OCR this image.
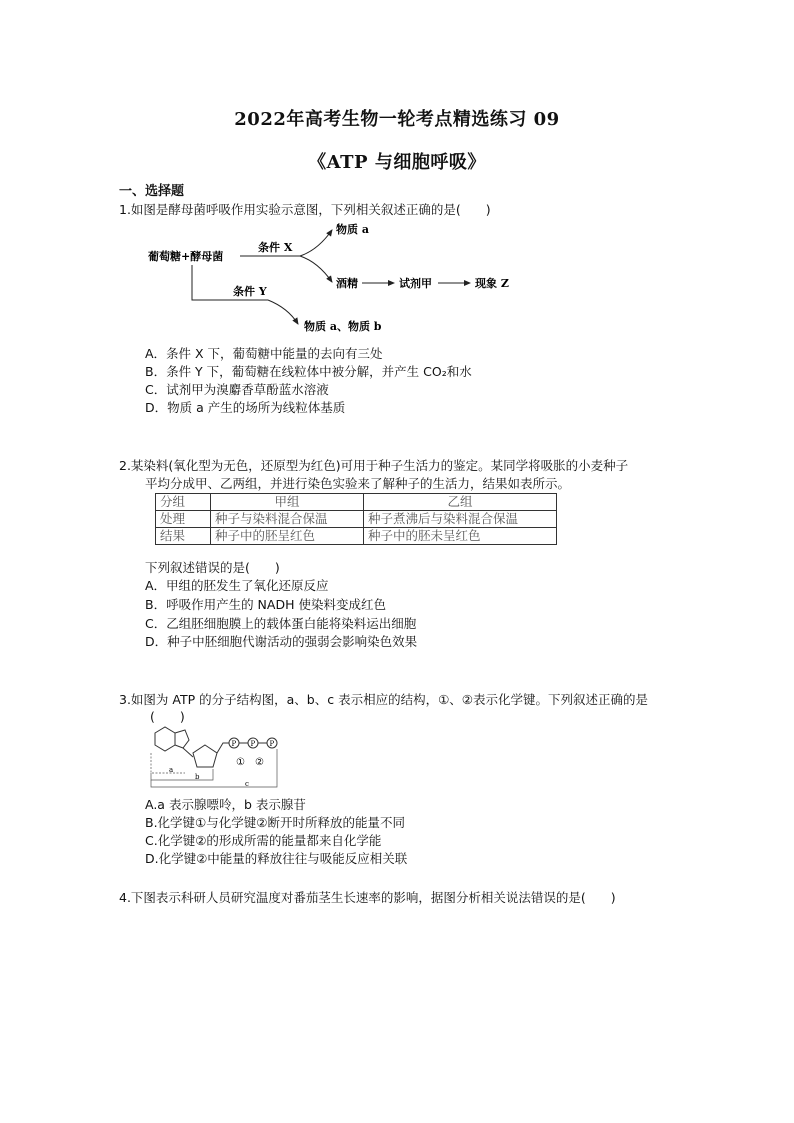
2022年高考生物一轮考点精选练习 09
《ATP 与细胞呼吸》
一、选择题
1.如图是酵母菌呼吸作用实验示意图，下列相关叙述正确的是(　　)
葡萄糖+酵母菌
条件 X
物质 a
酒精	试剂甲	现象 Z
条件 Y
物质 a、物质 b
A．条件 X 下，葡萄糖中能量的去向有三处
B．条件 Y 下，葡萄糖在线粒体中被分解，并产生 CO₂和水
C．试剂甲为溴麝香草酚蓝水溶液
D．物质 a 产生的场所为线粒体基质
2.某染料(氧化型为无色，还原型为红色)可用于种子生活力的鉴定。某同学将吸胀的小麦种子
平均分成甲、乙两组，并进行染色实验来了解种子的生活力，结果如表所示。
分组	甲组	乙组
处理	种子与染料混合保温	种子煮沸后与染料混合保温
结果	种子中的胚呈红色	种子中的胚未呈红色
下列叙述错误的是(　　)
A．甲组的胚发生了氧化还原反应
B．呼吸作用产生的 NADH 使染料变成红色
C．乙组胚细胞膜上的载体蛋白能将染料运出细胞
D．种子中胚细胞代谢活动的强弱会影响染色效果
3.如图为 ATP 的分子结构图，a、b、c 表示相应的结构，①、②表示化学键。下列叙述正确的是
(　　)
P P P
① ②
a
b
c
A.a 表示腺嘌呤，b 表示腺苷
B.化学键①与化学键②断开时所释放的能量不同
C.化学键②的形成所需的能量都来自化学能
D.化学键②中能量的释放往往与吸能反应相关联
4.下图表示科研人员研究温度对番茄茎生长速率的影响，据图分析相关说法错误的是(　　)
